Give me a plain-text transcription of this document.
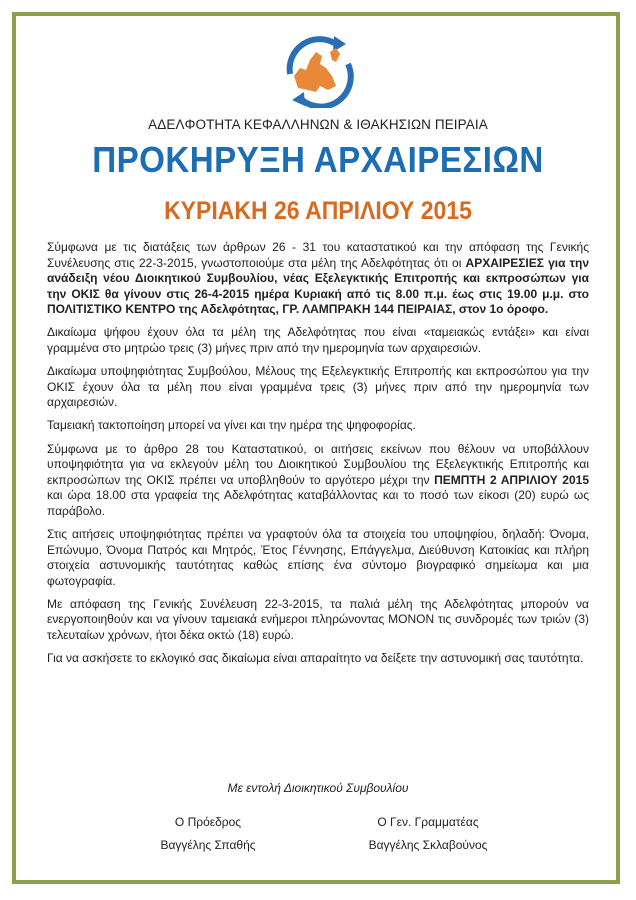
ΑΔΕΛΦΟΤΗΤΑ ΚΕΦΑΛΛΗΝΩΝ & ΙΘΑΚΗΣΙΩΝ ΠΕΙΡΑΙΑ
ΠΡΟΚΗΡΥΞΗ ΑΡΧΑΙΡΕΣΙΩΝ
ΚΥΡΙΑΚΗ 26 ΑΠΡΙΛΙΟΥ 2015

Σύμφωνα με τις διατάξεις των άρθρων 26 - 31 του καταστατικού και την απόφαση της Γενικής Συνέλευσης στις 22-3-2015, γνωστοποιούμε στα μέλη της Αδελφότητας ότι οι ΑΡΧΑΙΡΕΣΙΕΣ για την ανάδειξη νέου Διοικητικού Συμβουλίου, νέας Εξελεγκτικής Επιτροπής και εκπροσώπων για την ΟΚΙΣ θα γίνουν στις 26-4-2015 ημέρα Κυριακή από τις 8.00 π.μ. έως στις 19.00 μ.μ. στο ΠΟΛΙΤΙΣΤΙΚΟ ΚΕΝΤΡΟ της Αδελφότητας, ΓΡ. ΛΑΜΠΡΑΚΗ 144 ΠΕΙΡΑΙΑΣ, στον 1ο όροφο.

Δικαίωμα ψήφου έχουν όλα τα μέλη της Αδελφότητας που είναι «ταμειακώς εντάξει» και είναι γραμμένα στο μητρώο τρεις (3) μήνες πριν από την ημερομηνία των αρχαιρεσιών.

Δικαίωμα υποψηφιότητας Συμβούλου, Μέλους της Εξελεγκτικής Επιτροπής και εκπροσώπου για την ΟΚΙΣ έχουν όλα τα μέλη που είναι γραμμένα τρεις (3) μήνες πριν από την ημερομηνία των αρχαιρεσιών.

Ταμειακή τακτοποίηση μπορεί να γίνει και την ημέρα της ψηφοφορίας.

Σύμφωνα με το άρθρο 28 του Καταστατικού, οι αιτήσεις εκείνων που θέλουν να υποβάλλουν υποψηφιότητα για να εκλεγούν μέλη του Διοικητικού Συμβουλίου της Εξελεγκτικής Επιτροπής και εκπροσώπων της ΟΚΙΣ πρέπει να υποβληθούν το αργότερο μέχρι την ΠΕΜΠΤΗ 2 ΑΠΡΙΛΙΟΥ 2015 και ώρα 18.00 στα γραφεία της Αδελφότητας καταβάλλοντας και το ποσό των είκοσι (20) ευρώ ως παράβολο.

Στις αιτήσεις υποψηφιότητας πρέπει να γραφτούν όλα τα στοιχεία του υποψηφίου, δηλαδή: Όνομα, Επώνυμο, Όνομα Πατρός και Μητρός, Έτος Γέννησης, Επάγγελμα, Διεύθυνση Κατοικίας και πλήρη στοιχεία αστυνομικής ταυτότητας καθώς επίσης ένα σύντομο βιογραφικό σημείωμα και μια φωτογραφία.

Με απόφαση της Γενικής Συνέλευση 22-3-2015, τα παλιά μέλη της Αδελφότητας μπορούν να ενεργοποιηθούν και να γίνουν ταμειακά ενήμεροι πληρώνοντας ΜΟΝΟΝ τις συνδρομές των τριών (3) τελευταίων χρόνων, ήτοι δέκα οκτώ (18) ευρώ.

Για να ασκήσετε το εκλογικό σας δικαίωμα είναι απαραίτητο να δείξετε την αστυνομική σας ταυτότητα.

Με εντολή Διοικητικού Συμβουλίου
Ο Πρόεδρος
Βαγγέλης Σπαθής
Ο Γεν. Γραμματέας
Βαγγέλης Σκλαβούνος
